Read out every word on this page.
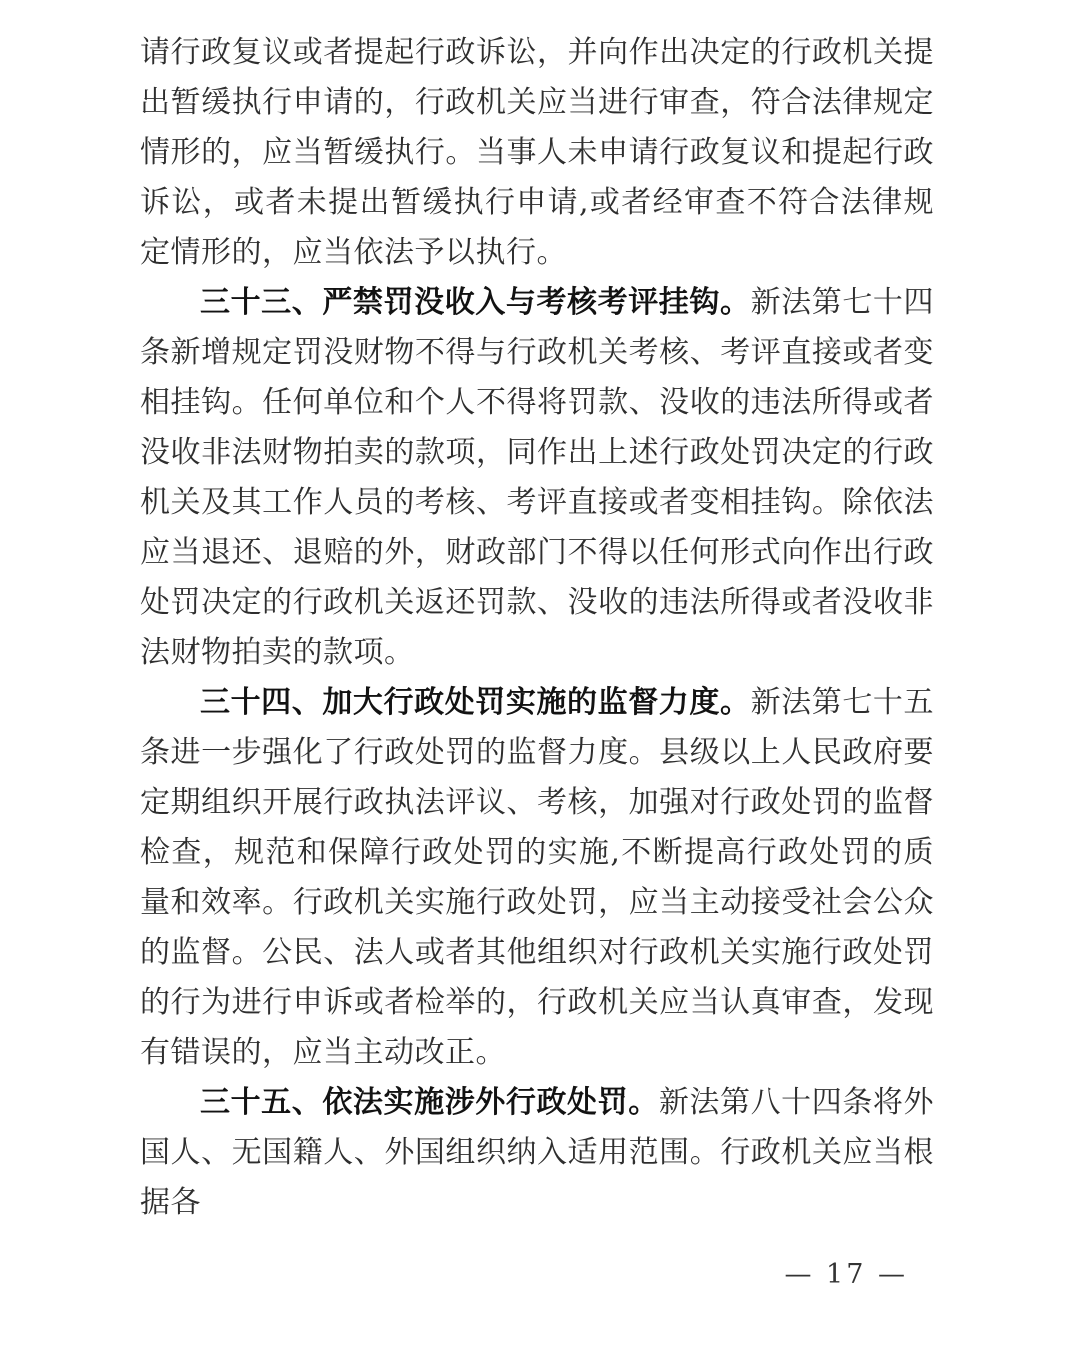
请行政复议或者提起行政诉讼，并向作出决定的行政机关提出暂缓执行申请的，行政机关应当进行审查，符合法律规定情形的，应当暂缓执行。当事人未申请行政复议和提起行政诉讼，或者未提出暂缓执行申请,或者经审查不符合法律规定情形的，应当依法予以执行。

三十三、严禁罚没收入与考核考评挂钩。新法第七十四条新增规定罚没财物不得与行政机关考核、考评直接或者变相挂钩。任何单位和个人不得将罚款、没收的违法所得或者没收非法财物拍卖的款项，同作出上述行政处罚决定的行政机关及其工作人员的考核、考评直接或者变相挂钩。除依法应当退还、退赔的外，财政部门不得以任何形式向作出行政处罚决定的行政机关返还罚款、没收的违法所得或者没收非法财物拍卖的款项。

三十四、加大行政处罚实施的监督力度。新法第七十五条进一步强化了行政处罚的监督力度。县级以上人民政府要定期组织开展行政执法评议、考核，加强对行政处罚的监督检查，规范和保障行政处罚的实施,不断提高行政处罚的质量和效率。行政机关实施行政处罚，应当主动接受社会公众的监督。公民、法人或者其他组织对行政机关实施行政处罚的行为进行申诉或者检举的，行政机关应当认真审查，发现有错误的，应当主动改正。

三十五、依法实施涉外行政处罚。新法第八十四条将外国人、无国籍人、外国组织纳入适用范围。行政机关应当根据各

— 17 —
